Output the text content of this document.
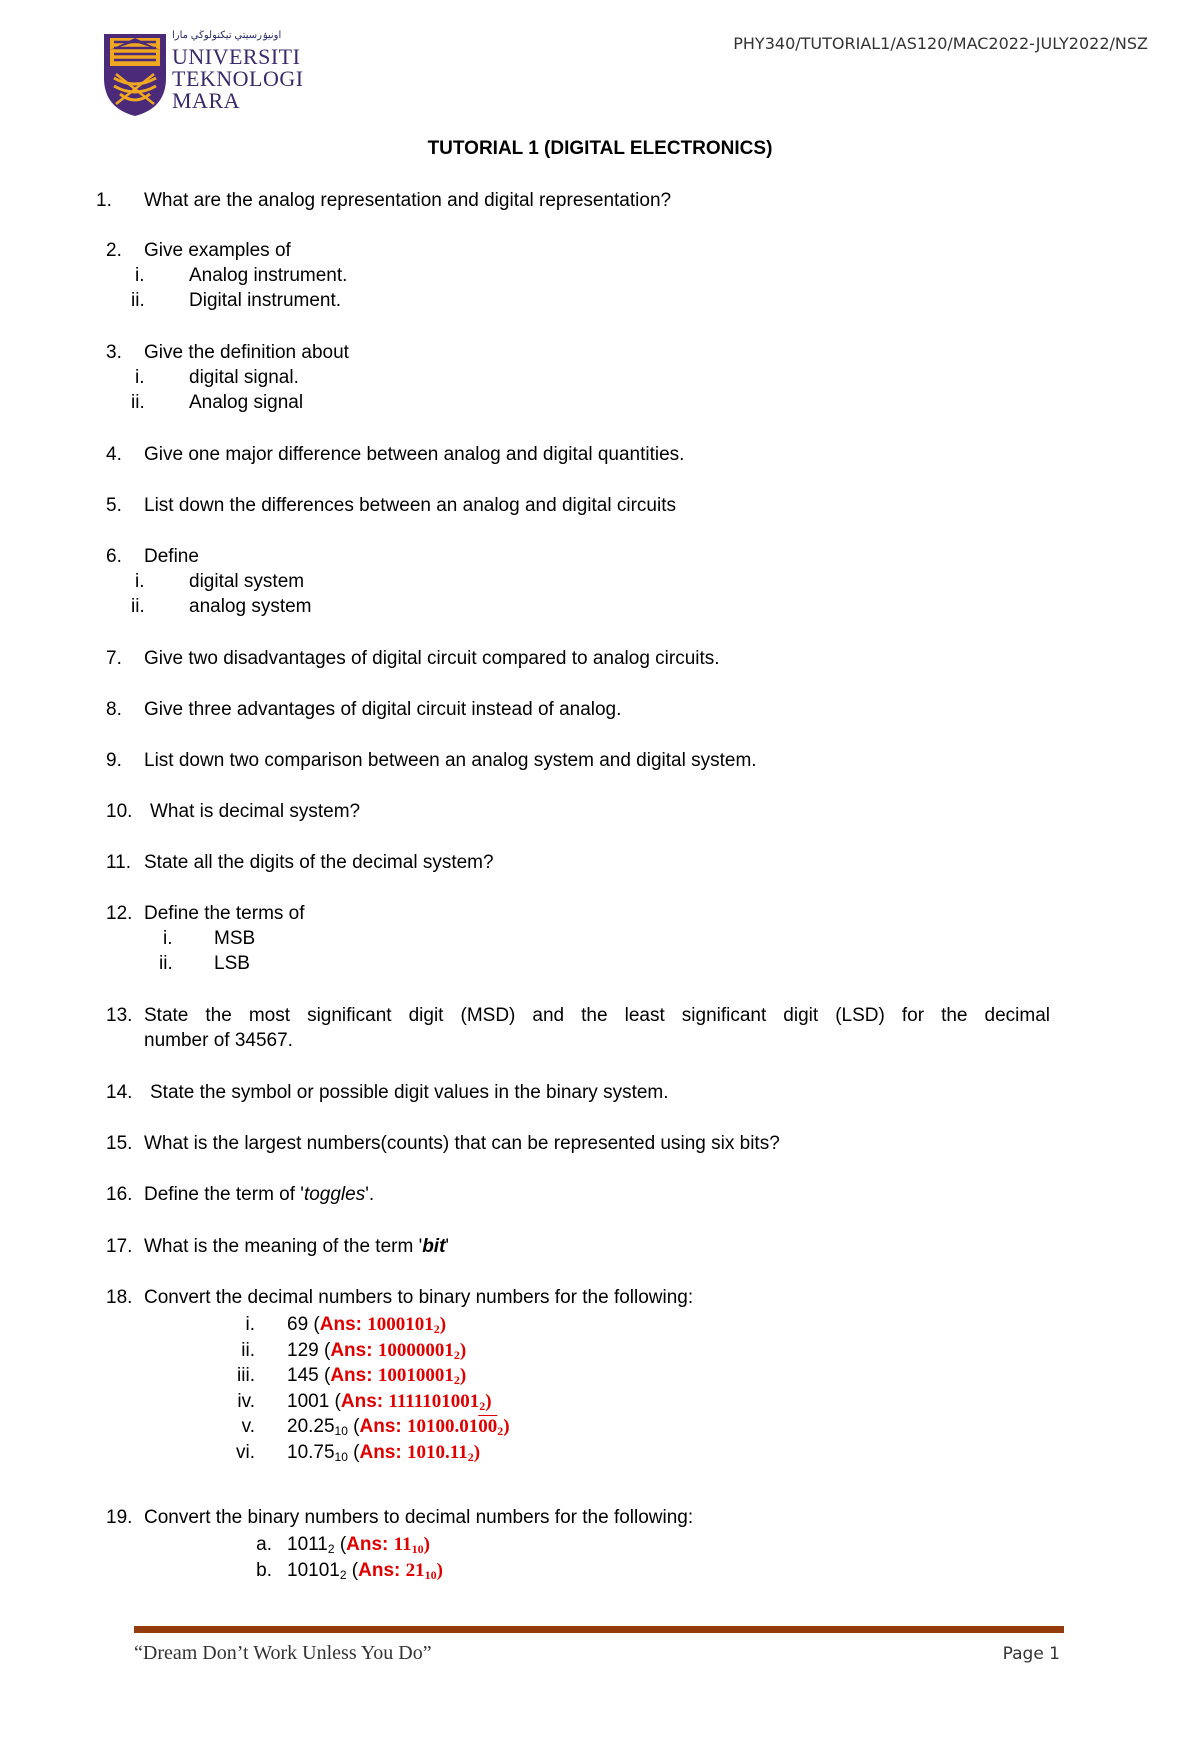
اونيۏرسيتي تيكنولوڬي مارا
UNIVERSITI
TEKNOLOGI
MARA
PHY340/TUTORIAL1/AS120/MAC2022-JULY2022/NSZ
TUTORIAL 1 (DIGITAL ELECTRONICS)
1. What are the analog representation and digital representation?
2. Give examples of
i. Analog instrument.
ii. Digital instrument.
3. Give the definition about
i. digital signal.
ii. Analog signal
4. Give one major difference between analog and digital quantities.
5. List down the differences between an analog and digital circuits
6. Define
i. digital system
ii. analog system
7. Give two disadvantages of digital circuit compared to analog circuits.
8. Give three advantages of digital circuit instead of analog.
9. List down two comparison between an analog system and digital system.
10. What is decimal system?
11. State all the digits of the decimal system?
12. Define the terms of
i. MSB
ii. LSB
13. State the most significant digit (MSD) and the least significant digit (LSD) for the decimal
number of 34567.
14. State the symbol or possible digit values in the binary system.
15. What is the largest numbers(counts) that can be represented using six bits?
16. Define the term of 'toggles'.
17. What is the meaning of the term 'bit'
18. Convert the decimal numbers to binary numbers for the following:
i. 69 (Ans: $1000101_2$)
ii. 129 (Ans: $10000001_2$)
iii. 145 (Ans: $10010001_2$)
iv. 1001 (Ans: $1111101001_2$)
v. $20.25_{10}$ (Ans: $10100.0100_2$)
vi. $10.75_{10}$ (Ans: $1010.11_2$)
19. Convert the binary numbers to decimal numbers for the following:
a. $1011_2$ (Ans: $11_{10}$)
b. $10101_2$ (Ans: $21_{10}$)
“Dream Don’t Work Unless You Do”	Page 1
